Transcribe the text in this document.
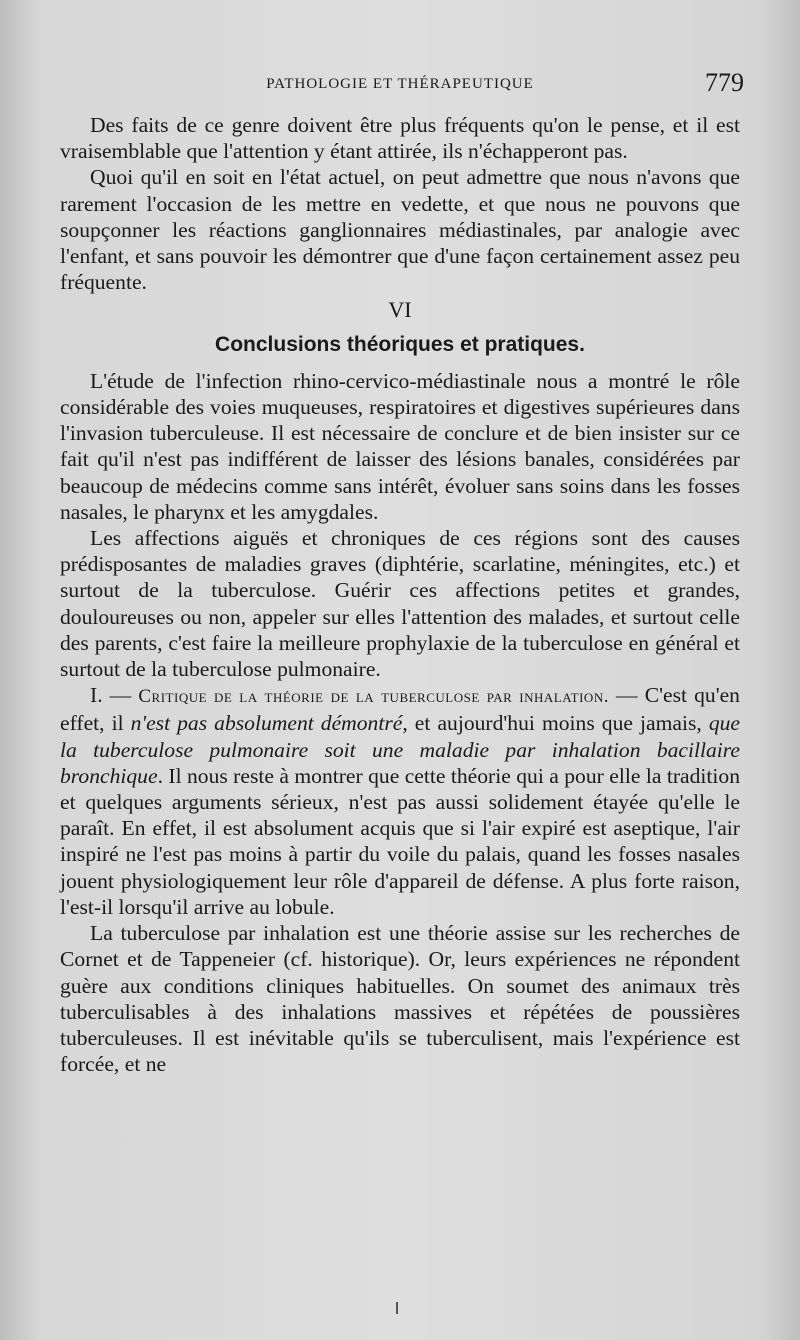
PATHOLOGIE ET THÉRAPEUTIQUE	779

Des faits de ce genre doivent être plus fréquents qu'on le pense, et il est vraisemblable que l'attention y étant attirée, ils n'échapperont pas.

Quoi qu'il en soit en l'état actuel, on peut admettre que nous n'avons que rarement l'occasion de les mettre en vedette, et que nous ne pouvons que soupçonner les réactions ganglionnaires médiastinales, par analogie avec l'enfant, et sans pouvoir les démontrer que d'une façon certainement assez peu fréquente.

VI

Conclusions théoriques et pratiques.

L'étude de l'infection rhino-cervico-médiastinale nous a montré le rôle considérable des voies muqueuses, respiratoires et digestives supérieures dans l'invasion tuberculeuse. Il est nécessaire de conclure et de bien insister sur ce fait qu'il n'est pas indifférent de laisser des lésions banales, considérées par beaucoup de médecins comme sans intérêt, évoluer sans soins dans les fosses nasales, le pharynx et les amygdales.

Les affections aiguës et chroniques de ces régions sont des causes prédisposantes de maladies graves (diphtérie, scarlatine, méningites, etc.) et surtout de la tuberculose. Guérir ces affections petites et grandes, douloureuses ou non, appeler sur elles l'attention des malades, et surtout celle des parents, c'est faire la meilleure prophylaxie de la tuberculose en général et surtout de la tuberculose pulmonaire.

I. — Critique de la théorie de la tuberculose par inhalation. — C'est qu'en effet, il n'est pas absolument démontré, et aujourd'hui moins que jamais, que la tuberculose pulmonaire soit une maladie par inhalation bacillaire bronchique. Il nous reste à montrer que cette théorie qui a pour elle la tradition et quelques arguments sérieux, n'est pas aussi solidement étayée qu'elle le paraît. En effet, il est absolument acquis que si l'air expiré est aseptique, l'air inspiré ne l'est pas moins à partir du voile du palais, quand les fosses nasales jouent physiologiquement leur rôle d'appareil de défense. A plus forte raison, l'est-il lorsqu'il arrive au lobule.

La tuberculose par inhalation est une théorie assise sur les recherches de Cornet et de Tappeneier (cf. historique). Or, leurs expériences ne répondent guère aux conditions cliniques habituelles. On soumet des animaux très tuberculisables à des inhalations massives et répétées de poussières tuberculeuses. Il est inévitable qu'ils se tuberculisent, mais l'expérience est forcée, et ne
